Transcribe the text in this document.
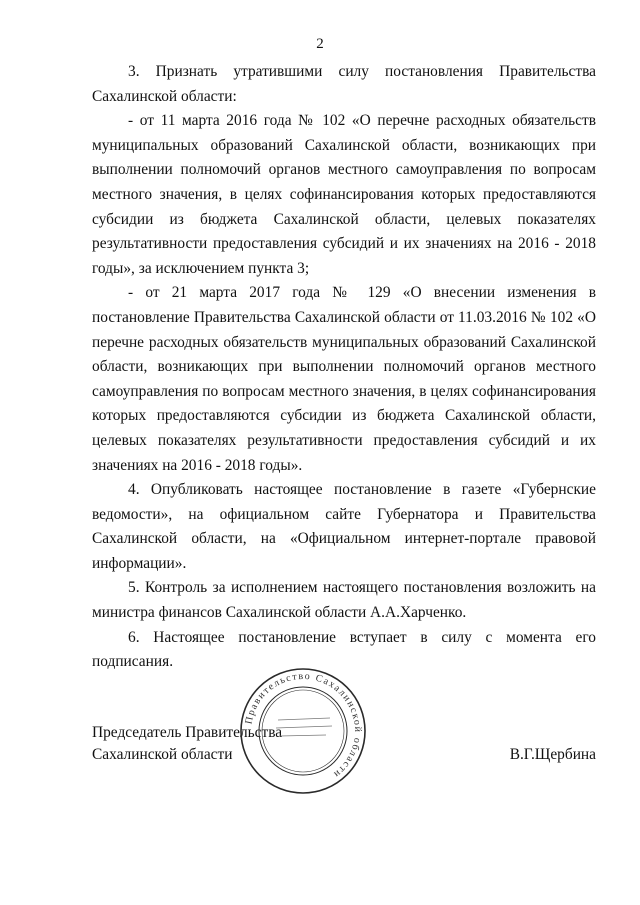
2

3. Признать утратившими силу постановления Правительства Сахалинской области:

- от 11 марта 2016 года № 102 «О перечне расходных обязательств муниципальных образований Сахалинской области, возникающих при выполнении полномочий органов местного самоуправления по вопросам местного значения, в целях софинансирования которых предоставляются субсидии из бюджета Сахалинской области, целевых показателях результативности предоставления субсидий и их значениях на 2016 - 2018 годы», за исключением пункта 3;

- от 21 марта 2017 года № 129 «О внесении изменения в постановление Правительства Сахалинской области от 11.03.2016 № 102 «О перечне расходных обязательств муниципальных образований Сахалинской области, возникающих при выполнении полномочий органов местного самоуправления по вопросам местного значения, в целях софинансирования которых предоставляются субсидии из бюджета Сахалинской области, целевых показателях результативности предоставления субсидий и их значениях на 2016 - 2018 годы».

4. Опубликовать настоящее постановление в газете «Губернские ведомости», на официальном сайте Губернатора и Правительства Сахалинской области, на «Официальном интернет-портале правовой информации».

5. Контроль за исполнением настоящего постановления возложить на министра финансов Сахалинской области А.А.Харченко.

6. Настоящее постановление вступает в силу с момента его подписания.

Председатель Правительства
Сахалинской области	В.Г.Щербина
Правительство Сахалинской области
